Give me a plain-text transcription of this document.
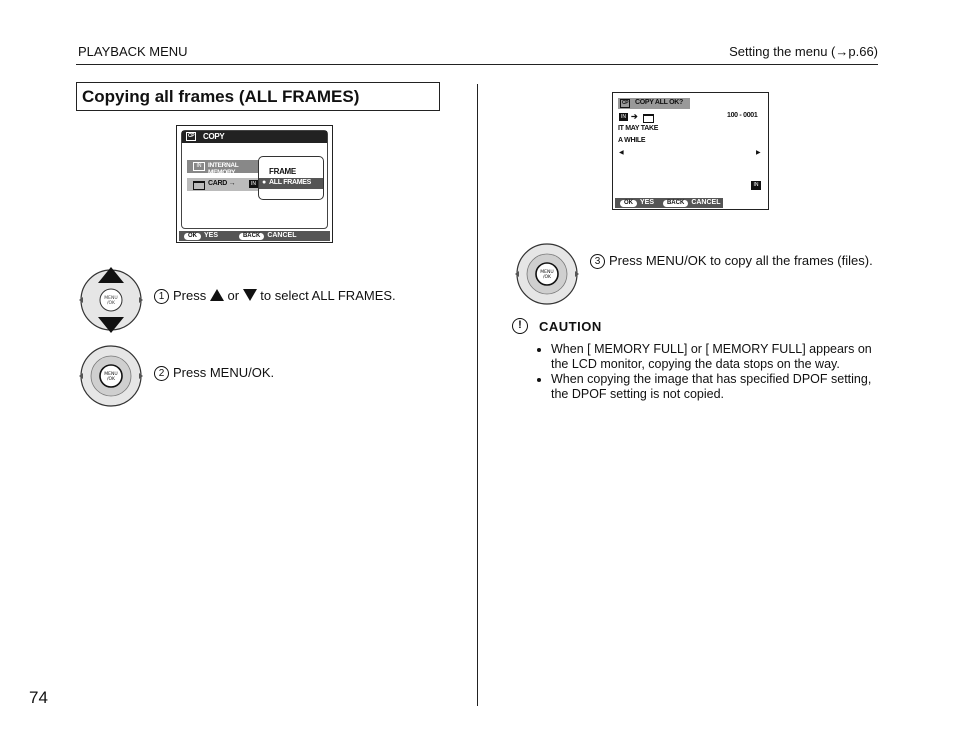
PLAYBACK MENU	Setting the menu (→p.66)
Copying all frames (ALL FRAMES)
CP COPY
IN	INTERNAL MEMORY
CARD →	IN
FRAME
● ALL FRAMES
OK YES	BACK CANCEL
CP COPY ALL OK?
IN ➔	100 - 0001
IT MAY TAKE
A WHILE
◀	▶
IN
OK YES BACK CANCEL
MENU
/OK
1 Press or to select ALL FRAMES.
MENU
/OK
2 Press MENU/OK.
MENU
/OK
3 Press MENU/OK to copy all the frames (files).
!	CAUTION
• When [ MEMORY FULL] or [ MEMORY FULL] appears on the LCD monitor, copying the data stops on the way.
• When copying the image that has specified DPOF setting, the DPOF setting is not copied.
74
